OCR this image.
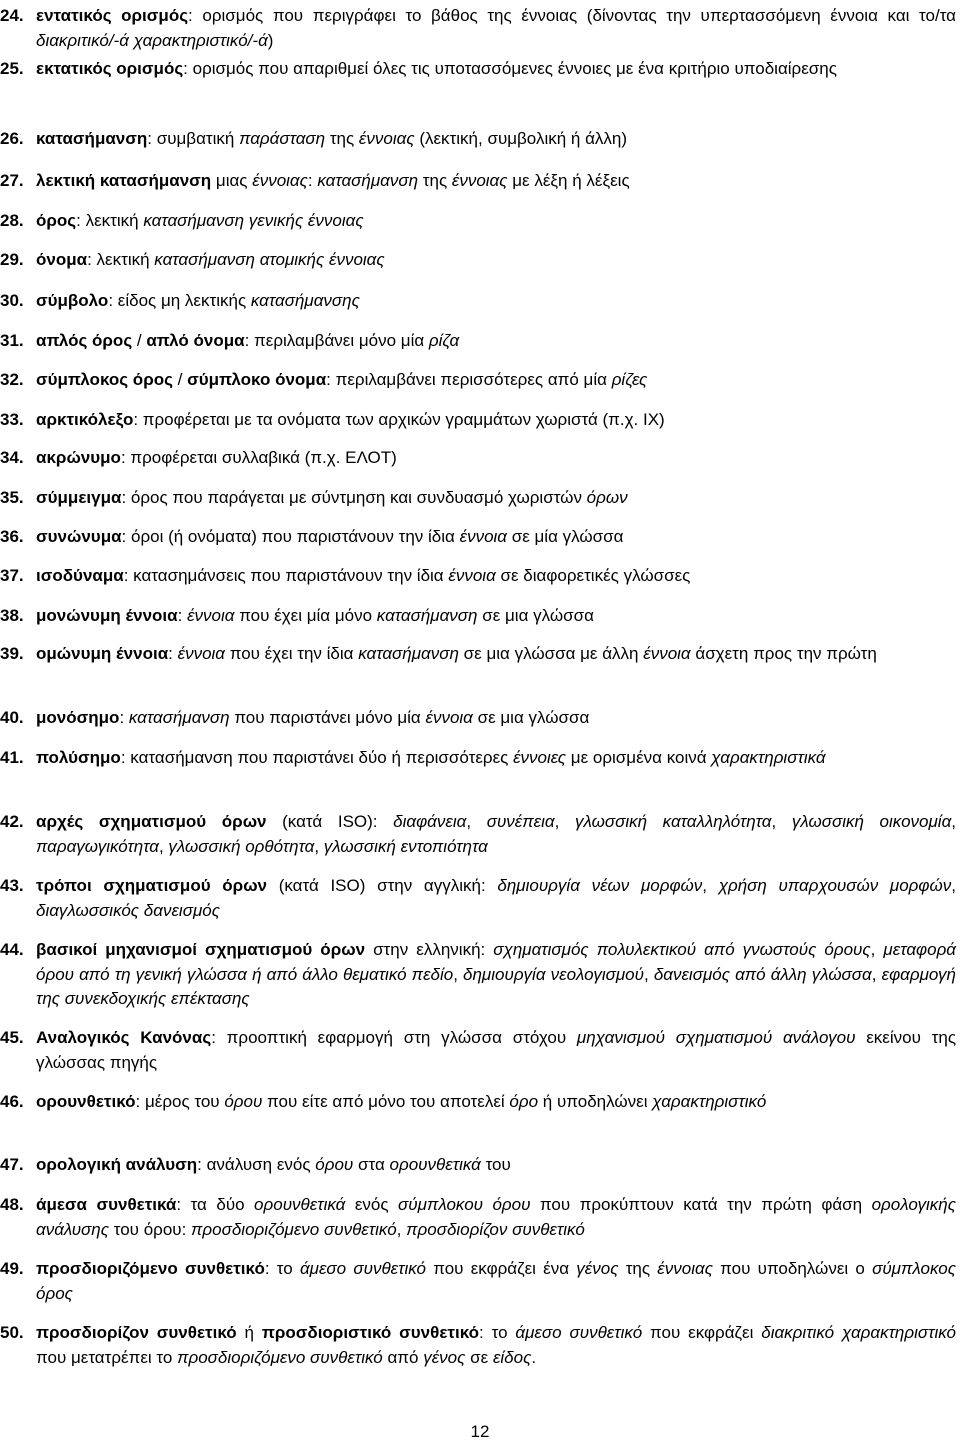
24. εντατικός ορισμός: ορισμός που περιγράφει το βάθος της έννοιας (δίνοντας την υπερτασσόμενη έννοια και το/τα διακριτικό/-ά χαρακτηριστικό/-ά)
25. εκτατικός ορισμός: ορισμός που απαριθμεί όλες τις υποτασσόμενες έννοιες με ένα κριτήριο υποδιαίρεσης
26. κατασήμανση: συμβατική παράσταση της έννοιας (λεκτική, συμβολική ή άλλη)
27. λεκτική κατασήμανση μιας έννοιας: κατασήμανση της έννοιας με λέξη ή λέξεις
28. όρος: λεκτική κατασήμανση γενικής έννοιας
29. όνομα: λεκτική κατασήμανση ατομικής έννοιας
30. σύμβολο: είδος μη λεκτικής κατασήμανσης
31. απλός όρος / απλό όνομα: περιλαμβάνει μόνο μία ρίζα
32. σύμπλοκος όρος / σύμπλοκο όνομα: περιλαμβάνει περισσότερες από μία ρίζες
33. αρκτικόλεξο: προφέρεται με τα ονόματα των αρχικών γραμμάτων χωριστά (π.χ. ΙΧ)
34. ακρώνυμο: προφέρεται συλλαβικά (π.χ. ΕΛΟΤ)
35. σύμμειγμα: όρος που παράγεται με σύντμηση και συνδυασμό χωριστών όρων
36. συνώνυμα: όροι (ή ονόματα) που παριστάνουν την ίδια έννοια σε μία γλώσσα
37. ισοδύναμα: κατασημάνσεις που παριστάνουν την ίδια έννοια σε διαφορετικές γλώσσες
38. μονώνυμη έννοια: έννοια που έχει μία μόνο κατασήμανση σε μια γλώσσα
39. ομώνυμη έννοια: έννοια που έχει την ίδια κατασήμανση σε μια γλώσσα με άλλη έννοια άσχετη προς την πρώτη
40. μονόσημο: κατασήμανση που παριστάνει μόνο μία έννοια σε μια γλώσσα
41. πολύσημο: κατασήμανση που παριστάνει δύο ή περισσότερες έννοιες με ορισμένα κοινά χαρακτηριστικά
42. αρχές σχηματισμού όρων (κατά ISO): διαφάνεια, συνέπεια, γλωσσική καταλληλότητα, γλωσσική οικονομία, παραγωγικότητα, γλωσσική ορθότητα, γλωσσική εντοπιότητα
43. τρόποι σχηματισμού όρων (κατά ISO) στην αγγλική: δημιουργία νέων μορφών, χρήση υπαρχουσών μορφών, διαγλωσσικός δανεισμός
44. βασικοί μηχανισμοί σχηματισμού όρων στην ελληνική: σχηματισμός πολυλεκτικού από γνωστούς όρους, μεταφορά όρου από τη γενική γλώσσα ή από άλλο θεματικό πεδίο, δημιουργία νεολογισμού, δανεισμός από άλλη γλώσσα, εφαρμογή της συνεκδοχικής επέκτασης
45. Αναλογικός Κανόνας: προοπτική εφαρμογή στη γλώσσα στόχου μηχανισμού σχηματισμού ανάλογου εκείνου της γλώσσας πηγής
46. ορουνθετικό: μέρος του όρου που είτε από μόνο του αποτελεί όρο ή υποδηλώνει χαρακτηριστικό
47. ορολογική ανάλυση: ανάλυση ενός όρου στα ορουνθετικά του
48. άμεσα συνθετικά: τα δύο ορουνθετικά ενός σύμπλοκου όρου που προκύπτουν κατά την πρώτη φάση ορολογικής ανάλυσης του όρου: προσδιοριζόμενο συνθετικό, προσδιορίζον συνθετικό
49. προσδιοριζόμενο συνθετικό: το άμεσο συνθετικό που εκφράζει ένα γένος της έννοιας που υποδηλώνει ο σύμπλοκος όρος
50. προσδιορίζον συνθετικό ή προσδιοριστικό συνθετικό: το άμεσο συνθετικό που εκφράζει διακριτικό χαρακτηριστικό που μετατρέπει το προσδιοριζόμενο συνθετικό από γένος σε είδος.
12
